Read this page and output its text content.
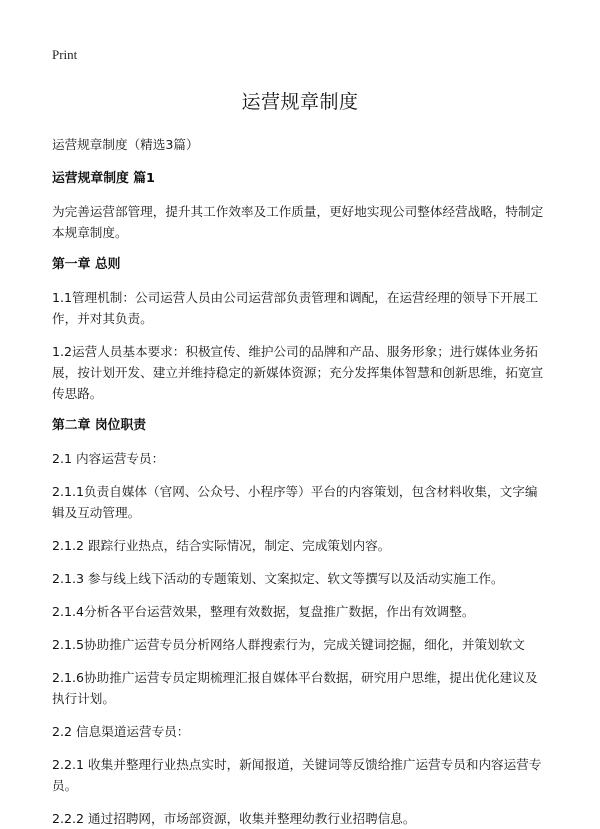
Print
运营规章制度
运营规章制度（精选3篇）
运营规章制度 篇1
为完善运营部管理，提升其工作效率及工作质量，更好地实现公司整体经营战略，特制定本规章制度。
第一章 总则
1.1管理机制：公司运营人员由公司运营部负责管理和调配，在运营经理的领导下开展工作，并对其负责。
1.2运营人员基本要求：积极宣传、维护公司的品牌和产品、服务形象；进行媒体业务拓展，按计划开发、建立并维持稳定的新媒体资源；充分发挥集体智慧和创新思维，拓宽宣传思路。
第二章 岗位职责
2.1 内容运营专员：
2.1.1负责自媒体（官网、公众号、小程序等）平台的内容策划，包含材料收集，文字编辑及互动管理。
2.1.2 跟踪行业热点，结合实际情况，制定、完成策划内容。
2.1.3 参与线上线下活动的专题策划、文案拟定、软文等撰写以及活动实施工作。
2.1.4分析各平台运营效果，整理有效数据，复盘推广数据，作出有效调整。
2.1.5协助推广运营专员分析网络人群搜索行为，完成关键词挖掘，细化，并策划软文
2.1.6协助推广运营专员定期梳理汇报自媒体平台数据，研究用户思维，提出优化建议及执行计划。
2.2 信息渠道运营专员：
2.2.1 收集并整理行业热点实时，新闻报道，关键词等反馈给推广运营专员和内容运营专员。
2.2.2 通过招聘网，市场部资源，收集并整理幼教行业招聘信息。
